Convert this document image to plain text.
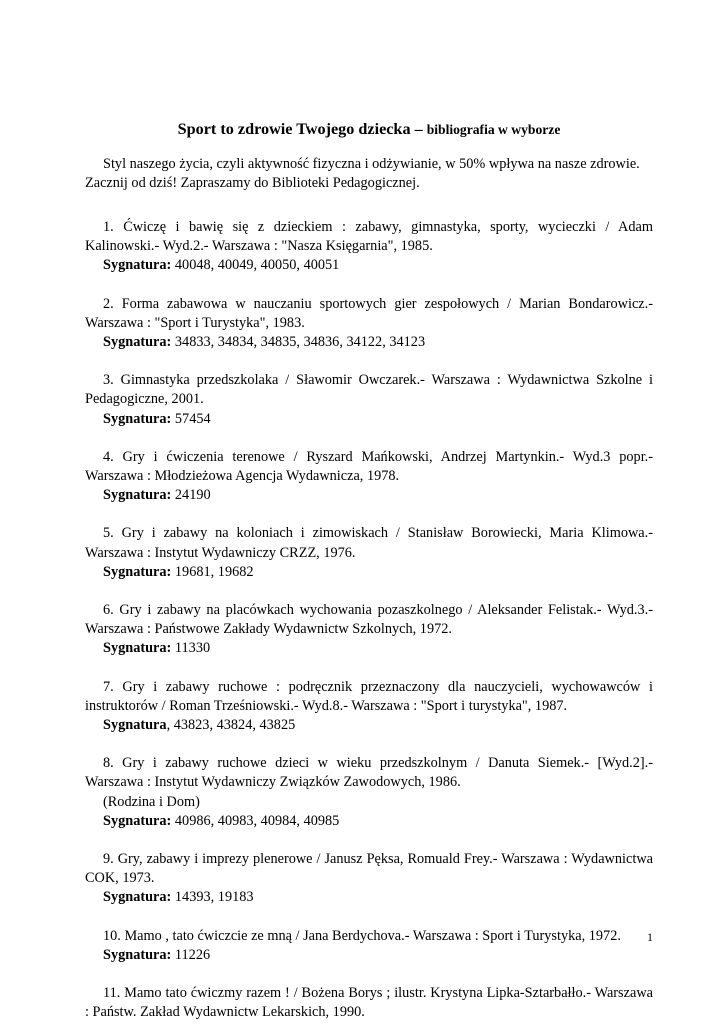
Sport to zdrowie Twojego dziecka – bibliografia w wyborze
Styl naszego życia, czyli aktywność fizyczna i odżywianie, w 50% wpływa na nasze zdrowie. Zacznij od dziś! Zapraszamy do Biblioteki Pedagogicznej.
1. Ćwiczę i bawię się z dzieckiem : zabawy, gimnastyka, sporty, wycieczki / Adam Kalinowski.- Wyd.2.- Warszawa : "Nasza Księgarnia", 1985.
Sygnatura: 40048, 40049, 40050, 40051
2. Forma zabawowa w nauczaniu sportowych gier zespołowych / Marian Bondarowicz.- Warszawa : "Sport i Turystyka", 1983.
Sygnatura: 34833, 34834, 34835, 34836, 34122, 34123
3. Gimnastyka przedszkolaka / Sławomir Owczarek.- Warszawa : Wydawnictwa Szkolne i Pedagogiczne, 2001.
Sygnatura: 57454
4. Gry i ćwiczenia terenowe / Ryszard Mańkowski, Andrzej Martynkin.- Wyd.3 popr.- Warszawa : Młodzieżowa Agencja Wydawnicza, 1978.
Sygnatura: 24190
5. Gry i zabawy na koloniach i zimowiskach / Stanisław Borowiecki, Maria Klimowa.- Warszawa : Instytut Wydawniczy CRZZ, 1976.
Sygnatura: 19681, 19682
6. Gry i zabawy na placówkach wychowania pozaszkolnego / Aleksander Felistak.- Wyd.3.- Warszawa : Państwowe Zakłady Wydawnictw Szkolnych, 1972.
Sygnatura: 11330
7. Gry i zabawy ruchowe : podręcznik przeznaczony dla nauczycieli, wychowawców i instruktorów / Roman Trześniowski.- Wyd.8.- Warszawa : "Sport i turystyka", 1987.
Sygnatura, 43823, 43824, 43825
8. Gry i zabawy ruchowe dzieci w wieku przedszkolnym / Danuta Siemek.- [Wyd.2].- Warszawa : Instytut Wydawniczy Związków Zawodowych, 1986.
(Rodzina i Dom)
Sygnatura: 40986, 40983, 40984, 40985
9. Gry, zabawy i imprezy plenerowe / Janusz Pęksa, Romuald Frey.- Warszawa : Wydawnictwa COK, 1973.
Sygnatura: 14393, 19183
10. Mamo , tato ćwiczcie ze mną / Jana Berdychova.- Warszawa : Sport i Turystyka, 1972.
Sygnatura: 11226
11. Mamo tato ćwiczmy razem ! / Bożena Borys ; ilustr. Krystyna Lipka-Sztarbałło.- Warszawa : Państw. Zakład Wydawnictw Lekarskich, 1990.
1
